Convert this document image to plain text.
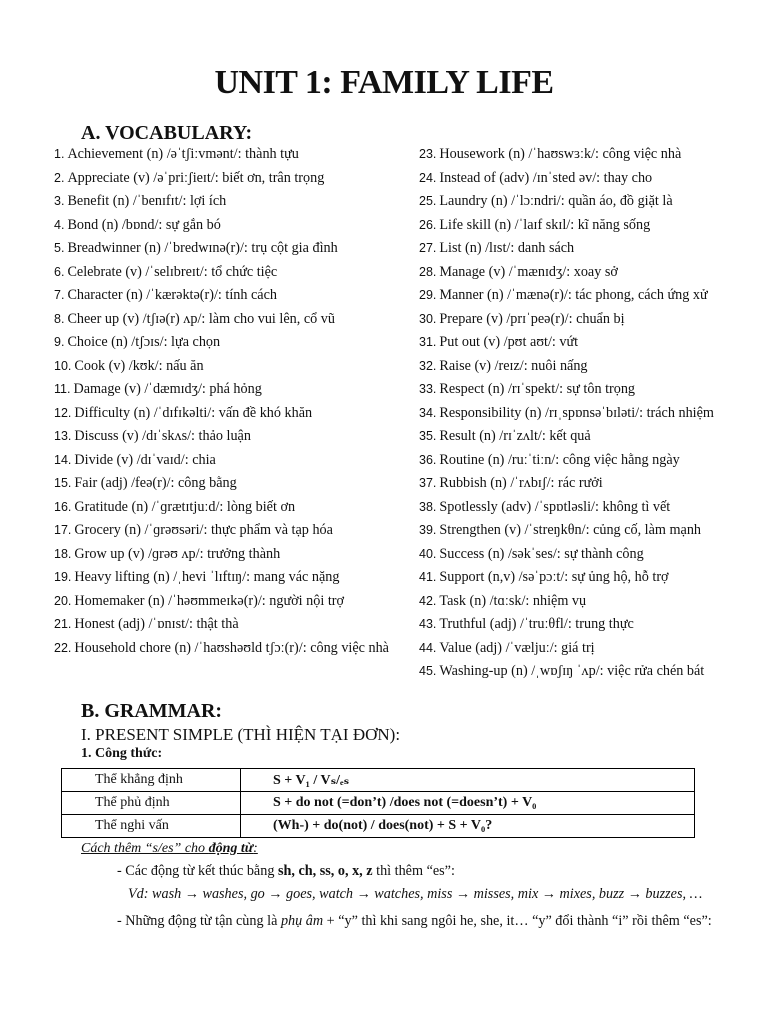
UNIT 1: FAMILY LIFE
A. VOCABULARY:
1. Achievement (n) /əˈtʃiːvmənt/: thành tựu
2. Appreciate (v) /əˈpriːʃieɪt/: biết ơn, trân trọng
3. Benefit (n) /ˈbenɪfɪt/: lợi ích
4. Bond (n) /bɒnd/: sự gắn bó
5. Breadwinner (n) /ˈbredwɪnə(r)/: trụ cột gia đình
6. Celebrate (v) /ˈselɪbreɪt/: tổ chức tiệc
7. Character (n) /ˈkærəktə(r)/: tính cách
8. Cheer up (v) /tʃɪə(r) ʌp/: làm cho vui lên, cổ vũ
9. Choice (n) /tʃɔɪs/: lựa chọn
10. Cook (v) /kʊk/: nấu ăn
11. Damage (v) /ˈdæmɪdʒ/: phá hỏng
12. Difficulty (n) /ˈdɪfɪkəlti/: vấn đề khó khăn
13. Discuss (v) /dɪˈskʌs/: thảo luận
14. Divide (v) /dɪˈvaɪd/: chia
15. Fair (adj) /feə(r)/: công bằng
16. Gratitude (n) /ˈɡrætɪtjuːd/: lòng biết ơn
17. Grocery (n) /ˈɡrəʊsəri/: thực phẩm và tạp hóa
18. Grow up (v) /ɡrəʊ ʌp/: trưởng thành
19. Heavy lifting (n) /ˌhevi ˈlɪftɪŋ/: mang vác nặng
20. Homemaker (n) /ˈhəʊmmeɪkə(r)/: người nội trợ
21. Honest (adj) /ˈɒnɪst/: thật thà
22. Household chore (n) /ˈhaʊshəʊld tʃɔː(r)/: công việc nhà
23. Housework (n) /ˈhaʊswɜːk/: công việc nhà
24. Instead of (adv) /ɪnˈsted əv/: thay cho
25. Laundry (n) /ˈlɔːndri/: quần áo, đồ giặt là
26. Life skill (n) /ˈlaɪf skɪl/: kĩ năng sống
27. List (n) /lɪst/: danh sách
28. Manage (v) /ˈmænɪdʒ/: xoay sở
29. Manner (n) /ˈmænə(r)/: tác phong, cách ứng xử
30. Prepare (v) /prɪˈpeə(r)/: chuẩn bị
31. Put out (v) /pʊt aʊt/: vứt
32. Raise (v) /reɪz/: nuôi nấng
33. Respect (n) /rɪˈspekt/: sự tôn trọng
34. Responsibility (n) /rɪˌspɒnsəˈbɪləti/: trách nhiệm
35. Result (n) /rɪˈzʌlt/: kết quả
36. Routine (n) /ruːˈtiːn/: công việc hằng ngày
37. Rubbish (n) /ˈrʌbɪʃ/: rác rưởi
38. Spotlessly (adv) /ˈspɒtləsli/: không tì vết
39. Strengthen (v) /ˈstreŋkθn/: củng cố, làm mạnh
40. Success (n) /səkˈses/: sự thành công
41. Support (n,v) /səˈpɔːt/: sự ủng hộ, hỗ trợ
42. Task (n) /tɑːsk/: nhiệm vụ
43. Truthful (adj) /ˈtruːθfl/: trung thực
44. Value (adj) /ˈvæljuː/: giá trị
45. Washing-up (n) /ˌwɒʃɪŋ ˈʌp/: việc rửa chén bát
B. GRAMMAR:
I. PRESENT SIMPLE (THÌ HIỆN TẠI ĐƠN):
1. Công thức:
Thể khẳng định	S + V₁ / Vₛ/ₑₛ
Thể phủ định	S + do not (=don’t) /does not (=doesn’t) + V₀
Thể nghi vấn	(Wh-) + do(not) / does(not) + S + V₀?
Cách thêm “s/es” cho động từ:
- Các động từ kết thúc bằng sh, ch, ss, o, x, z thì thêm “es”:
Vd: wash → washes, go → goes, watch → watches, miss → misses, mix → mixes, buzz → buzzes, …
- Những động từ tận cùng là phụ âm + “y” thì khi sang ngôi he, she, it… “y” đổi thành “i” rồi thêm “es”:
